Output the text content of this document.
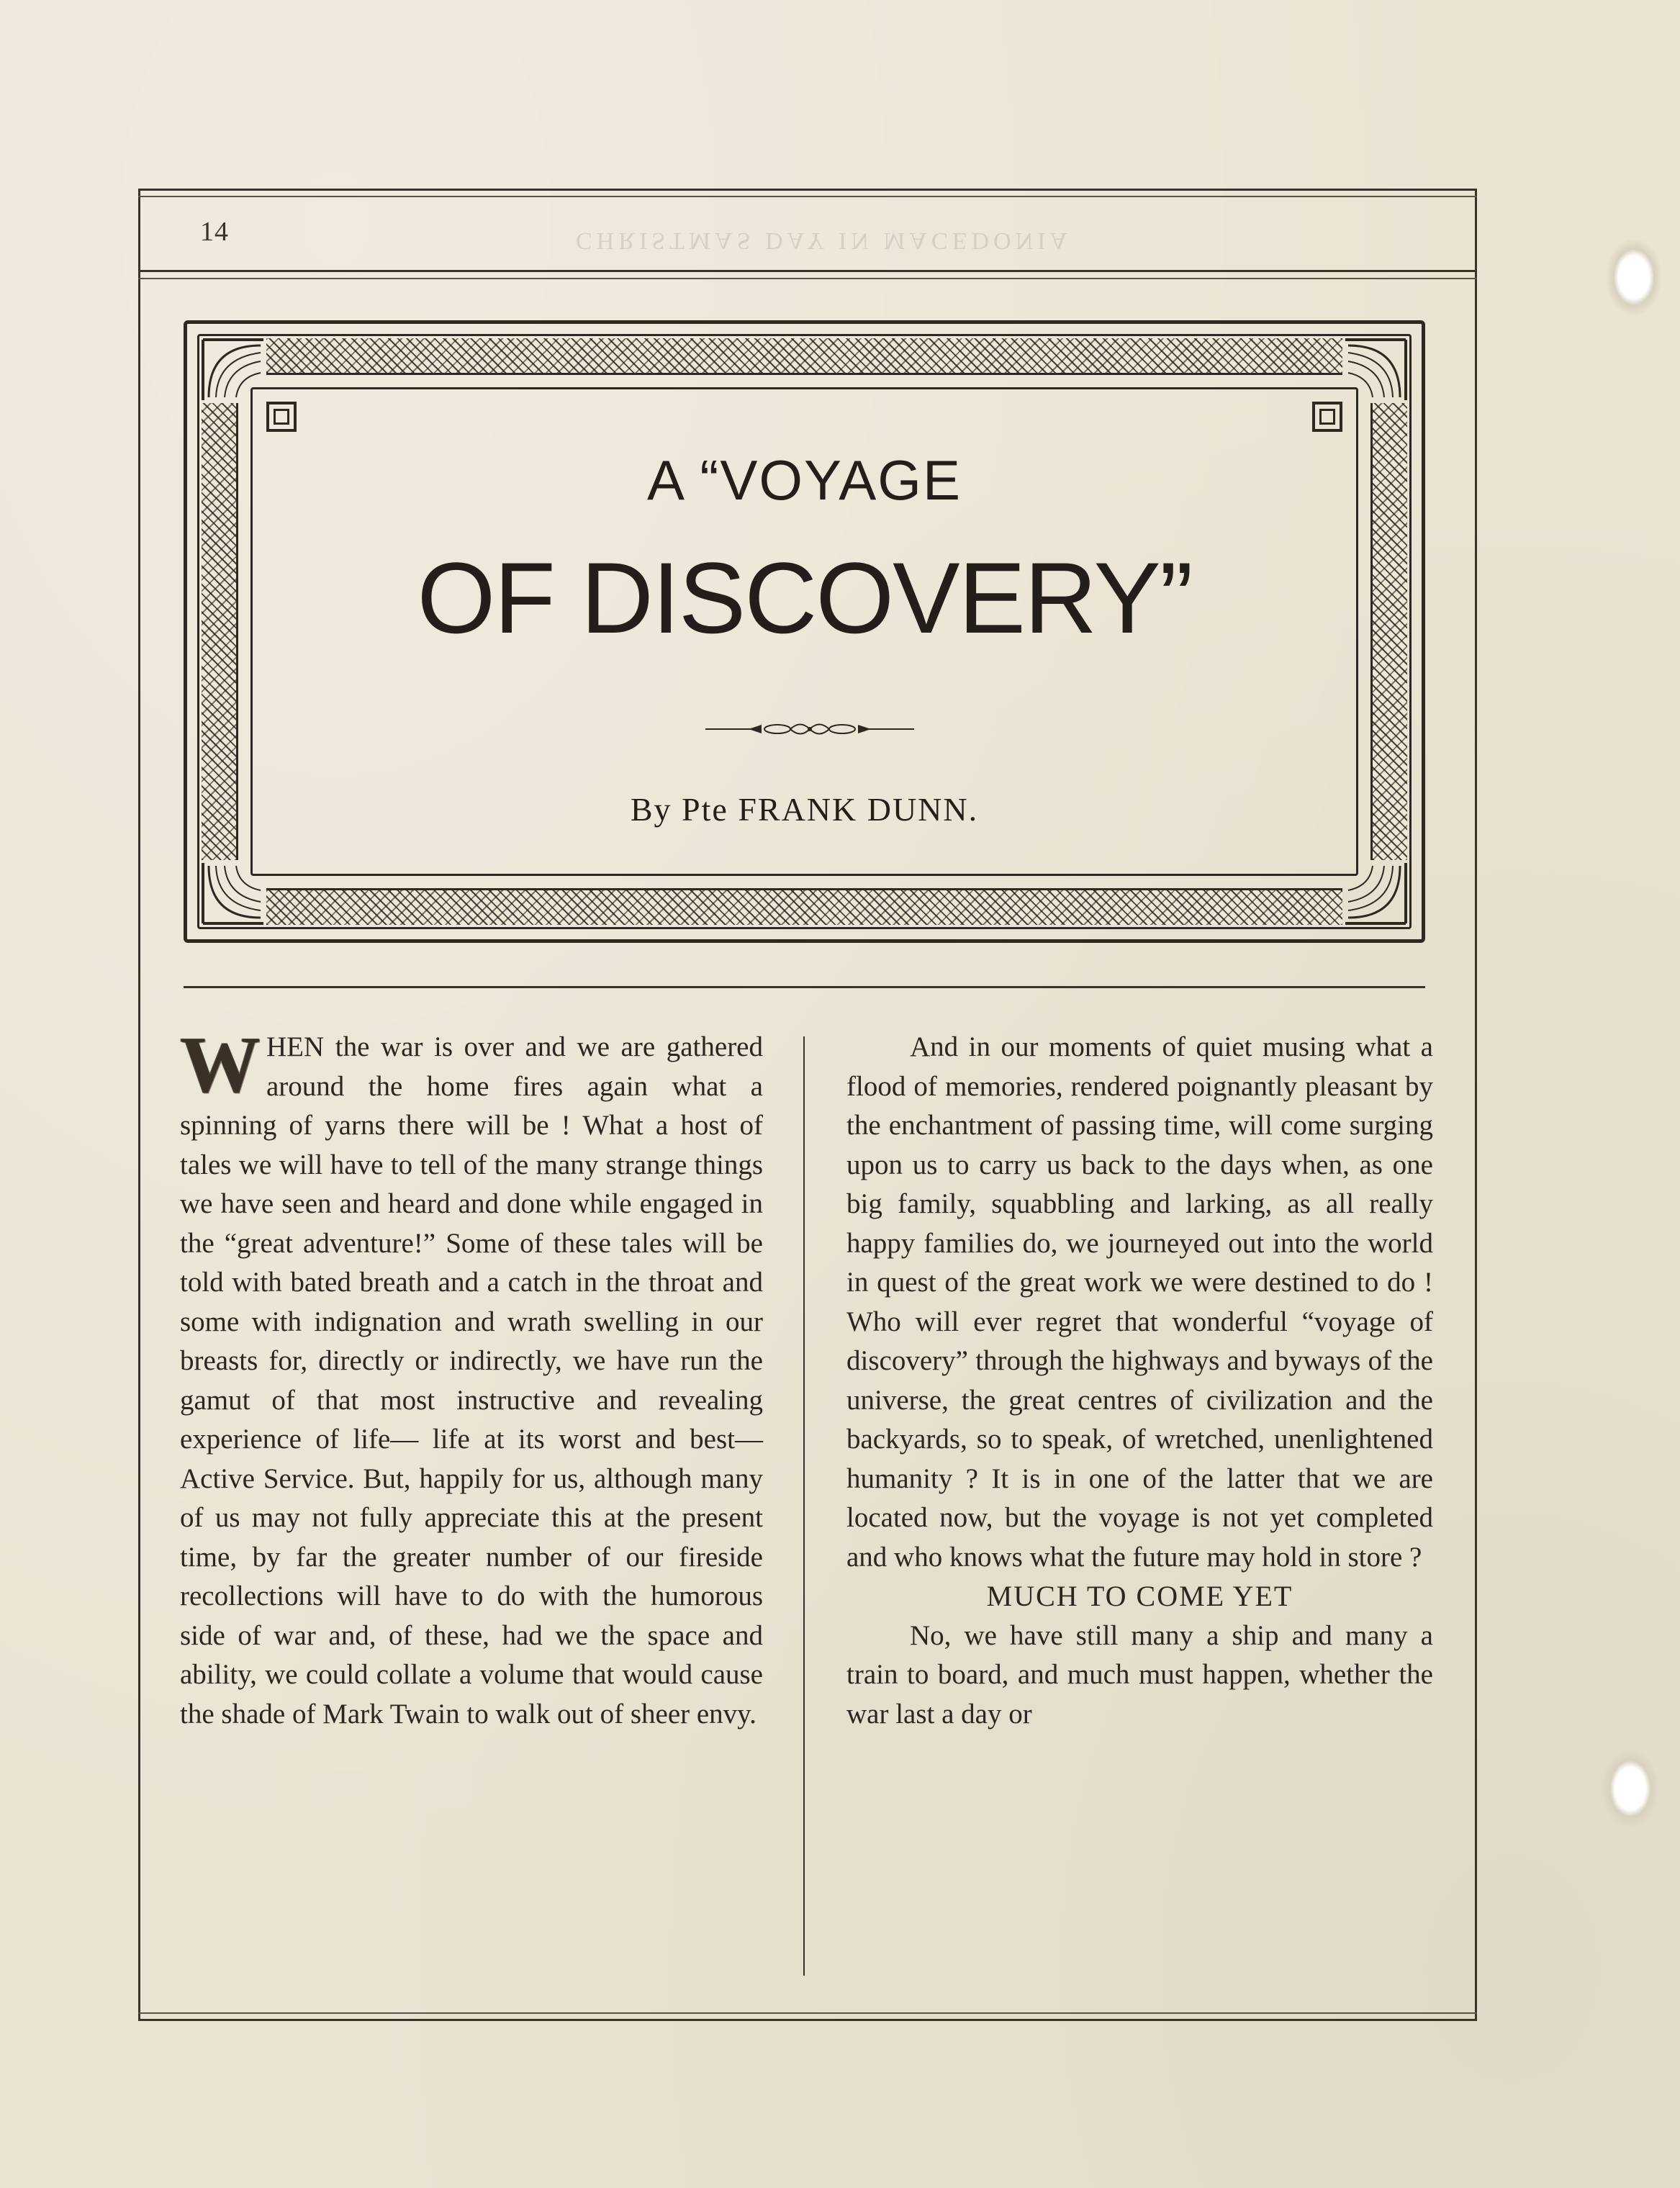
14	CHRISTMAS DAY IN MACEDONIA
A “VOYAGE
OF DISCOVERY”
By Pte FRANK DUNN.

WHEN the war is over and we are gathered around the home fires again what a spinning of yarns there will be ! What a host of tales we will have to tell of the many strange things we have seen and heard and done while engaged in the “great adventure!” Some of these tales will be told with bated breath and a catch in the throat and some with indignation and wrath swelling in our breasts for, directly or indirectly, we have run the gamut of that most instructive and revealing experience of life— life at its worst and best—Active Service. But, happily for us, although many of us may not fully appreciate this at the present time, by far the greater number of our fireside recollections will have to do with the humorous side of war and, of these, had we the space and ability, we could collate a volume that would cause the shade of Mark Twain to walk out of sheer envy.

And in our moments of quiet musing what a flood of memories, rendered poignantly pleasant by the enchantment of passing time, will come surging upon us to carry us back to the days when, as one big family, squabbling and larking, as all really happy families do, we journeyed out into the world in quest of the great work we were destined to do ! Who will ever regret that wonderful “voyage of discovery” through the highways and byways of the universe, the great centres of civilization and the backyards, so to speak, of wretched, unenlightened humanity ? It is in one of the latter that we are located now, but the voyage is not yet completed and who knows what the future may hold in store ?

MUCH TO COME YET

No, we have still many a ship and many a train to board, and much must happen, whether the war last a day or
